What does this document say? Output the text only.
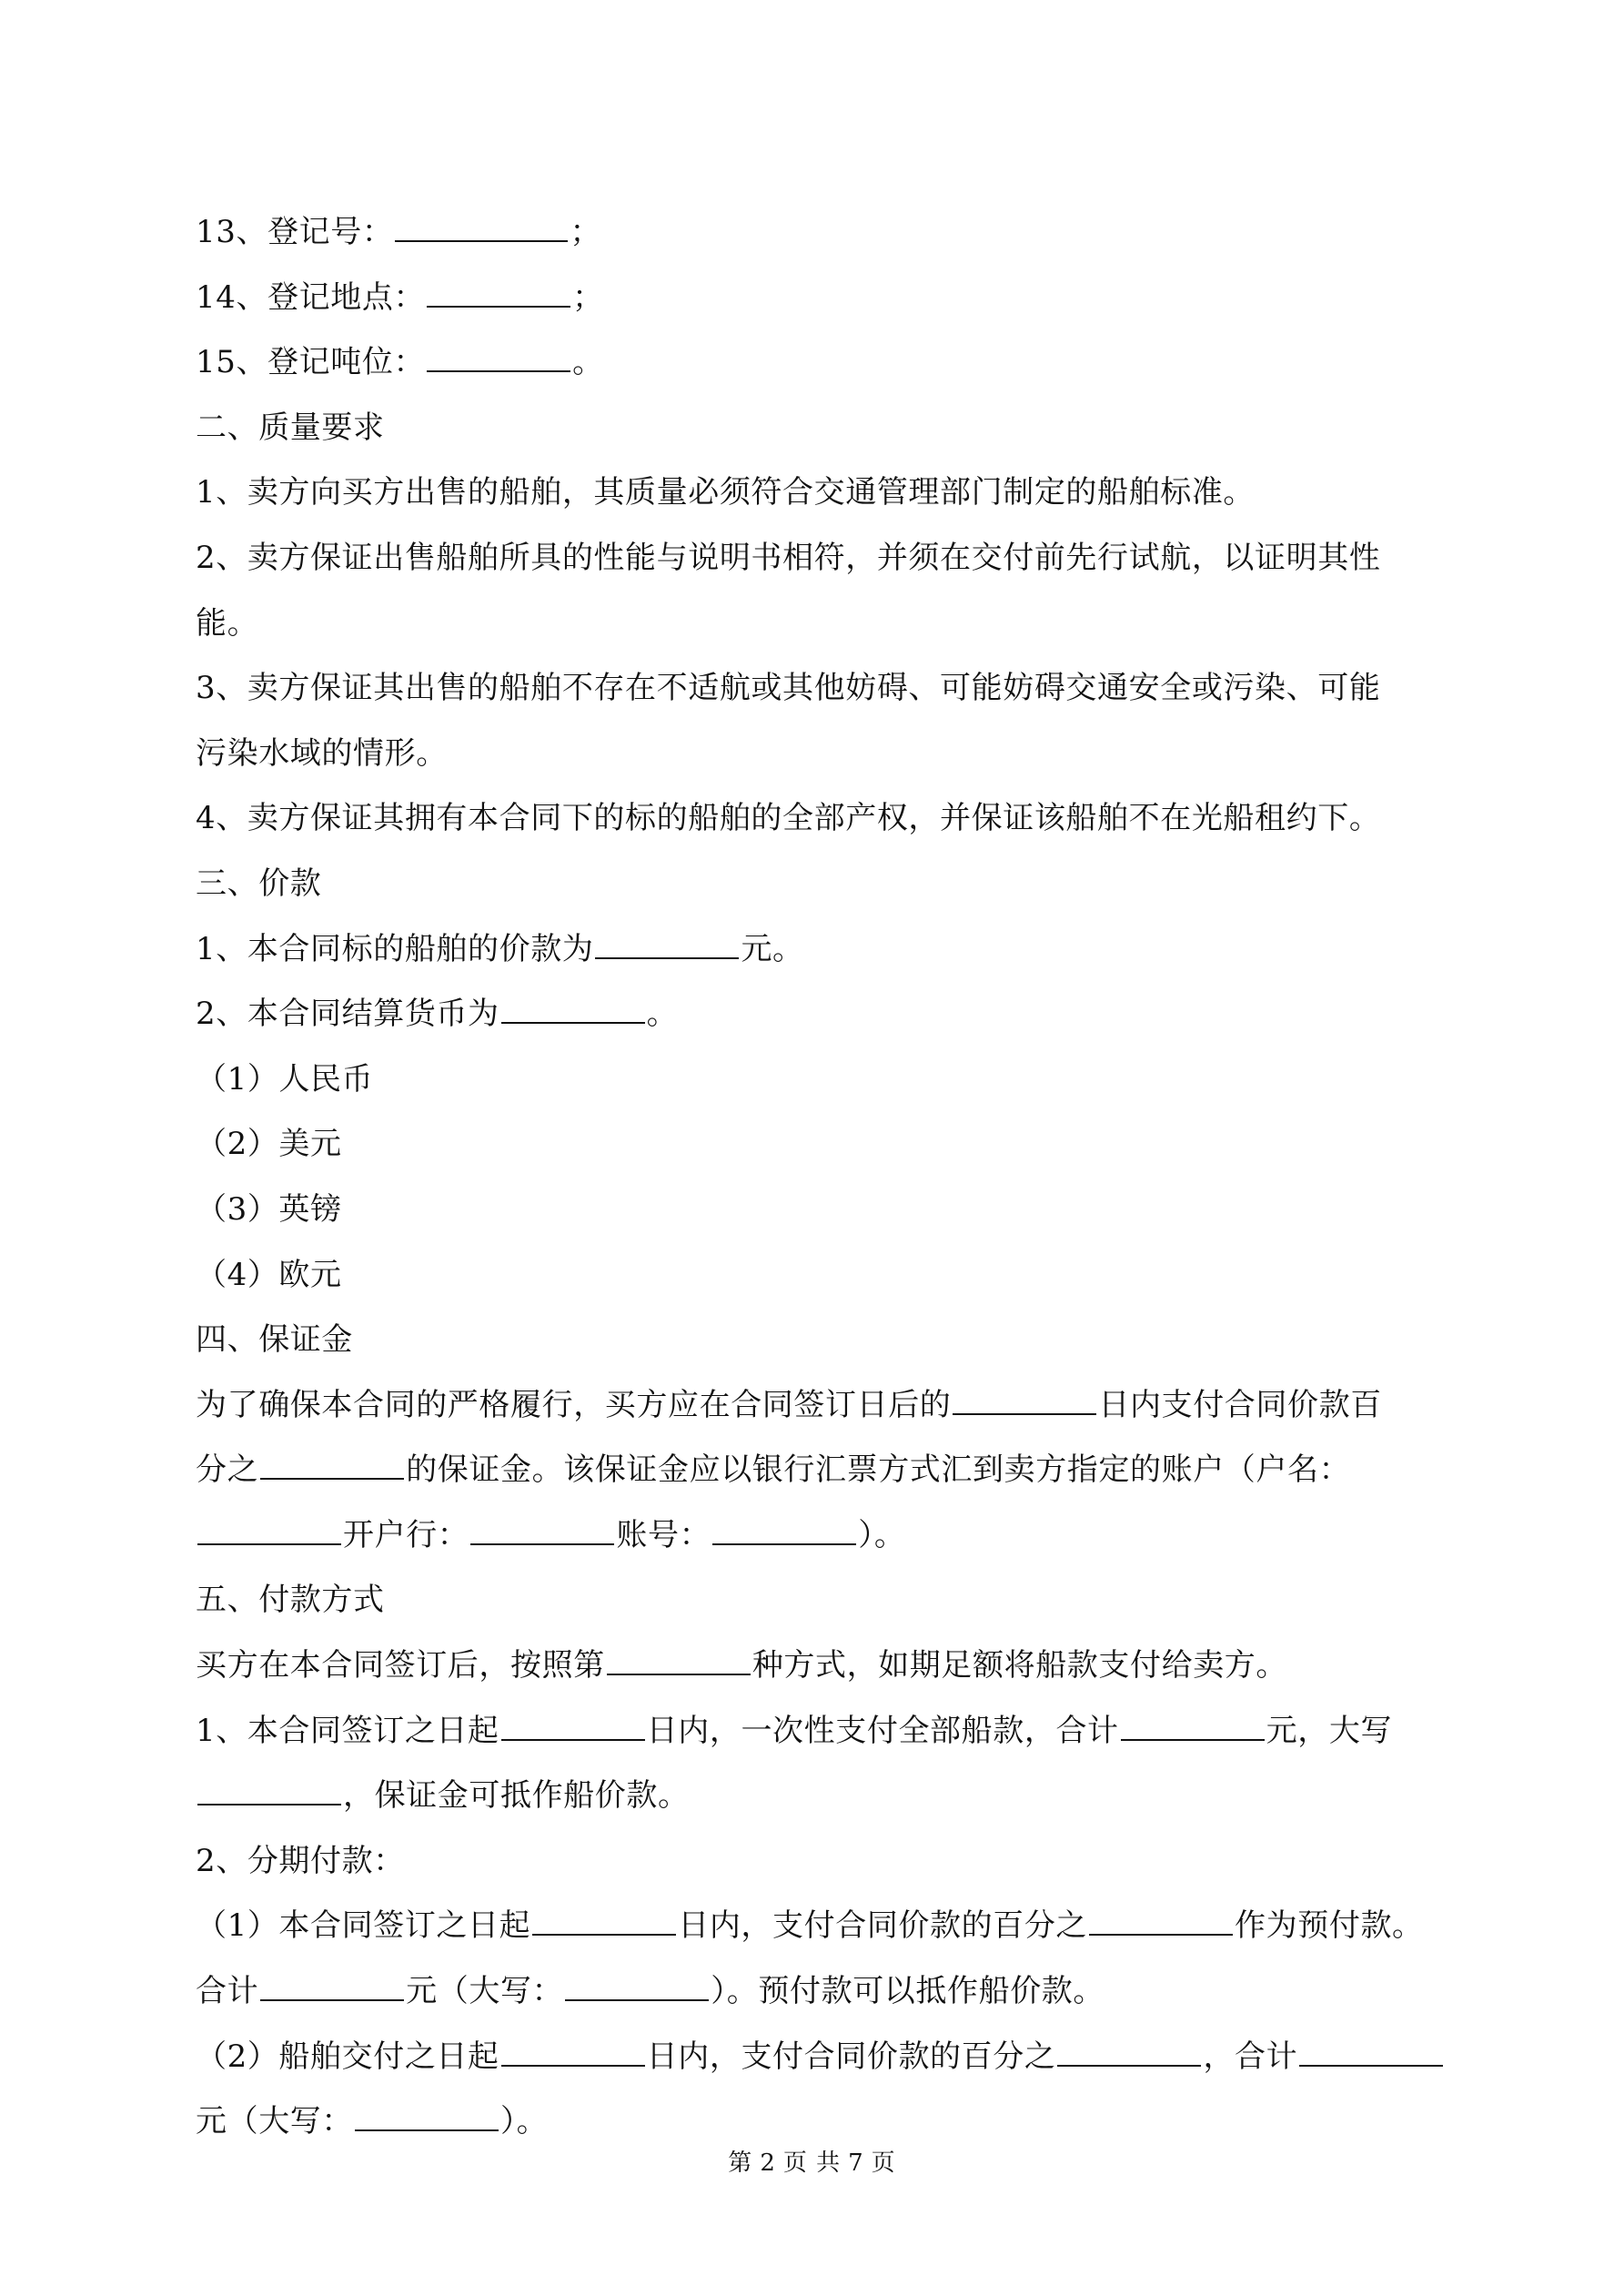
13、登记号：	；
14、登记地点：	；
15、登记吨位：	。
二、质量要求
1、卖方向买方出售的船舶，其质量必须符合交通管理部门制定的船舶标准。
2、卖方保证出售船舶所具的性能与说明书相符，并须在交付前先行试航，以证明其性
能。
3、卖方保证其出售的船舶不存在不适航或其他妨碍、可能妨碍交通安全或污染、可能
污染水域的情形。
4、卖方保证其拥有本合同下的标的船舶的全部产权，并保证该船舶不在光船租约下。
三、价款
1、本合同标的船舶的价款为	元。
2、本合同结算货币为	。
（1）人民币
（2）美元
（3）英镑
（4）欧元
四、保证金
为了确保本合同的严格履行，买方应在合同签订日后的	日内支付合同价款百
分之	的保证金。该保证金应以银行汇票方式汇到卖方指定的账户（户名：
开户行：	账号：	）。
五、付款方式
买方在本合同签订后，按照第	种方式，如期足额将船款支付给卖方。
1、本合同签订之日起	日内，一次性支付全部船款，合计	元，大写
，保证金可抵作船价款。
2、分期付款：
（1）本合同签订之日起	日内，支付合同价款的百分之	作为预付款。
合计	元（大写：	）。预付款可以抵作船价款。
（2）船舶交付之日起	日内，支付合同价款的百分之	，合计
元（大写：	）。
第 2 页 共 7 页
